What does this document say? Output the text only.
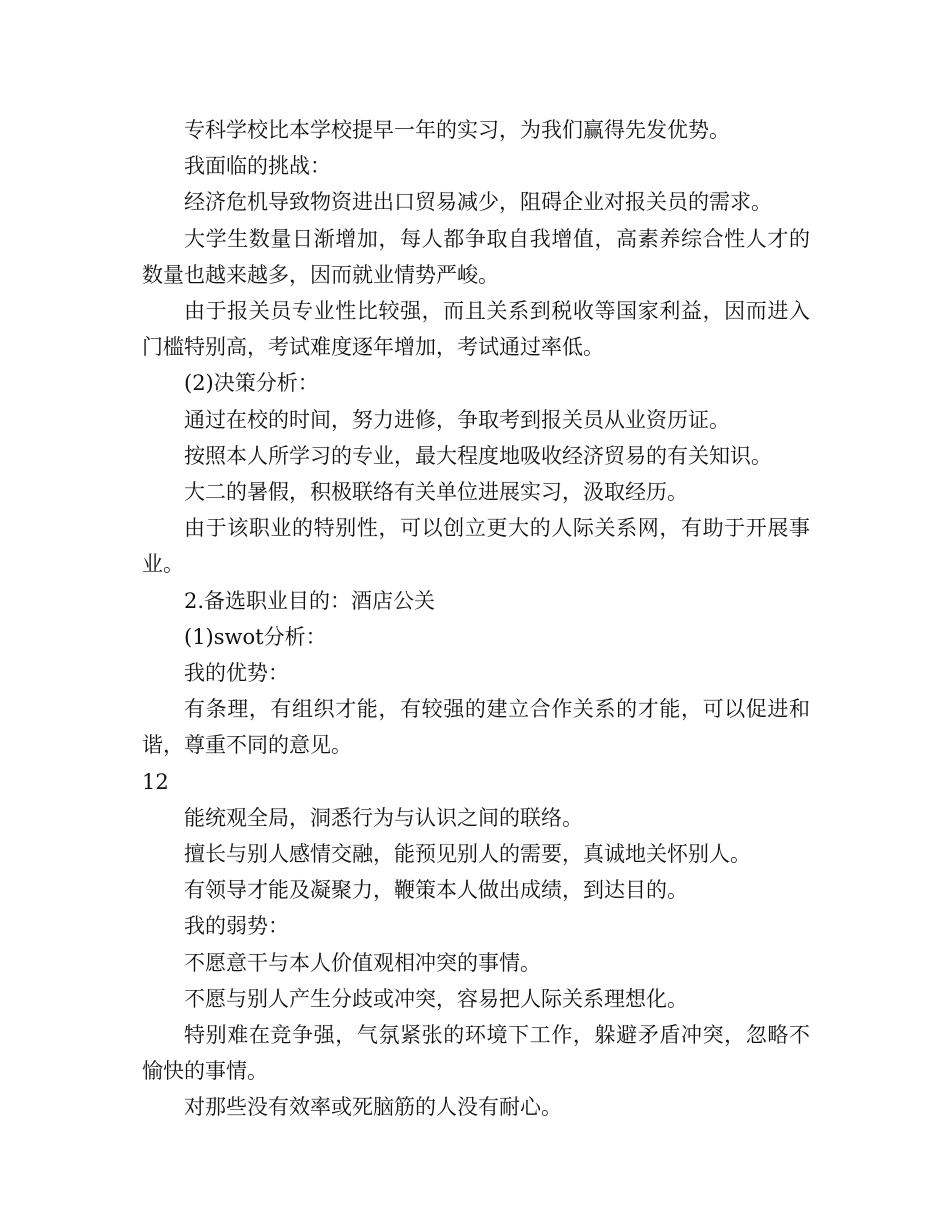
专科学校比本学校提早一年的实习，为我们赢得先发优势。

我面临的挑战：

经济危机导致物资进出口贸易减少，阻碍企业对报关员的需求。

大学生数量日渐增加，每人都争取自我增值，高素养综合性人才的数量也越来越多，因而就业情势严峻。

由于报关员专业性比较强，而且关系到税收等国家利益，因而进入门槛特别高，考试难度逐年增加，考试通过率低。

(2)决策分析：

通过在校的时间，努力进修，争取考到报关员从业资历证。

按照本人所学习的专业，最大程度地吸收经济贸易的有关知识。

大二的暑假，积极联络有关单位进展实习，汲取经历。

由于该职业的特别性，可以创立更大的人际关系网，有助于开展事业。

2.备选职业目的：酒店公关

(1)swot分析：

我的优势：

有条理，有组织才能，有较强的建立合作关系的才能，可以促进和谐，尊重不同的意见。

12

能统观全局，洞悉行为与认识之间的联络。

擅长与别人感情交融，能预见别人的需要，真诚地关怀别人。

有领导才能及凝聚力，鞭策本人做出成绩，到达目的。

我的弱势：

不愿意干与本人价值观相冲突的事情。

不愿与别人产生分歧或冲突，容易把人际关系理想化。

特别难在竞争强，气氛紧张的环境下工作，躲避矛盾冲突，忽略不愉快的事情。

对那些没有效率或死脑筋的人没有耐心。
